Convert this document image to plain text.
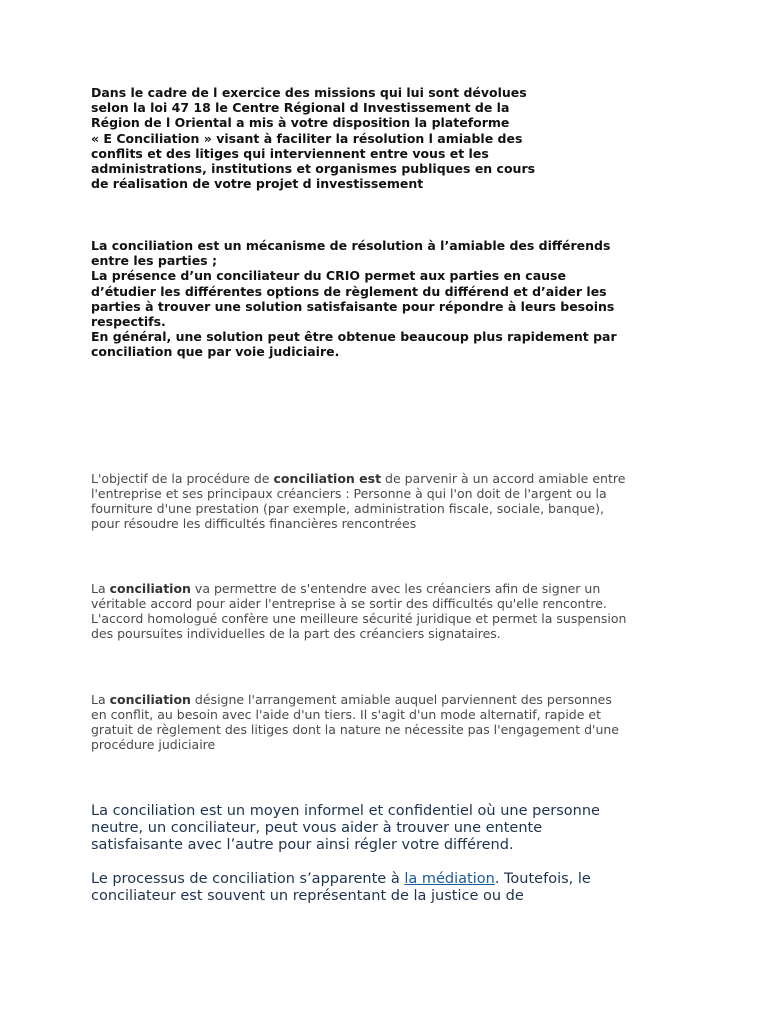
Dans le cadre de l exercice des missions qui lui sont dévolues
selon la loi 47 18 le Centre Régional d Investissement de la
Région de l Oriental a mis à votre disposition la plateforme
« E Conciliation » visant à faciliter la résolution l amiable des
conflits et des litiges qui interviennent entre vous et les
administrations, institutions et organismes publiques en cours
de réalisation de votre projet d investissement
La conciliation est un mécanisme de résolution à l’amiable des différends
entre les parties ;
La présence d’un conciliateur du CRIO permet aux parties en cause
d’étudier les différentes options de règlement du différend et d’aider les
parties à trouver une solution satisfaisante pour répondre à leurs besoins
respectifs.
En général, une solution peut être obtenue beaucoup plus rapidement par
conciliation que par voie judiciaire.
L'objectif de la procédure de conciliation est de parvenir à un accord amiable entre
l'entreprise et ses principaux créanciers : Personne à qui l'on doit de l'argent ou la
fourniture d'une prestation (par exemple, administration fiscale, sociale, banque),
pour résoudre les difficultés financières rencontrées
La conciliation va permettre de s'entendre avec les créanciers afin de signer un
véritable accord pour aider l'entreprise à se sortir des difficultés qu'elle rencontre.
L'accord homologué confère une meilleure sécurité juridique et permet la suspension
des poursuites individuelles de la part des créanciers signataires.
La conciliation désigne l'arrangement amiable auquel parviennent des personnes
en conflit, au besoin avec l'aide d'un tiers. Il s'agit d'un mode alternatif, rapide et
gratuit de règlement des litiges dont la nature ne nécessite pas l'engagement d'une
procédure judiciaire
La conciliation est un moyen informel et confidentiel où une personne
neutre, un conciliateur, peut vous aider à trouver une entente
satisfaisante avec l’autre pour ainsi régler votre différend.
Le processus de conciliation s’apparente à la médiation. Toutefois, le
conciliateur est souvent un représentant de la justice ou de
